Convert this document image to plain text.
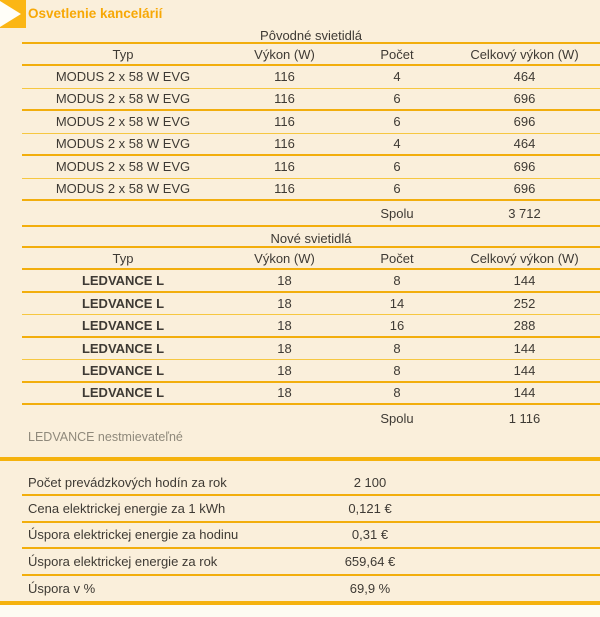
Osvetlenie kancelárií
Pôvodné svietidlá
Typ	Výkon (W)	Počet	Celkový výkon (W)
MODUS 2 x 58 W EVG	116	4	464
MODUS 2 x 58 W EVG	116	6	696
MODUS 2 x 58 W EVG	116	6	696
MODUS 2 x 58 W EVG	116	4	464
MODUS 2 x 58 W EVG	116	6	696
MODUS 2 x 58 W EVG	116	6	696
Spolu	3 712
Nové svietidlá
Typ	Výkon (W)	Počet	Celkový výkon (W)
LEDVANCE L	18	8	144
LEDVANCE L	18	14	252
LEDVANCE L	18	16	288
LEDVANCE L	18	8	144
LEDVANCE L	18	8	144
LEDVANCE L	18	8	144
Spolu	1 116
LEDVANCE nestmievateľné
Počet prevádzkových hodín za rok	2 100
Cena elektrickej energie za 1 kWh	0,121 €
Úspora elektrickej energie za hodinu	0,31 €
Úspora elektrickej energie za rok	659,64 €
Úspora v %	69,9 %
